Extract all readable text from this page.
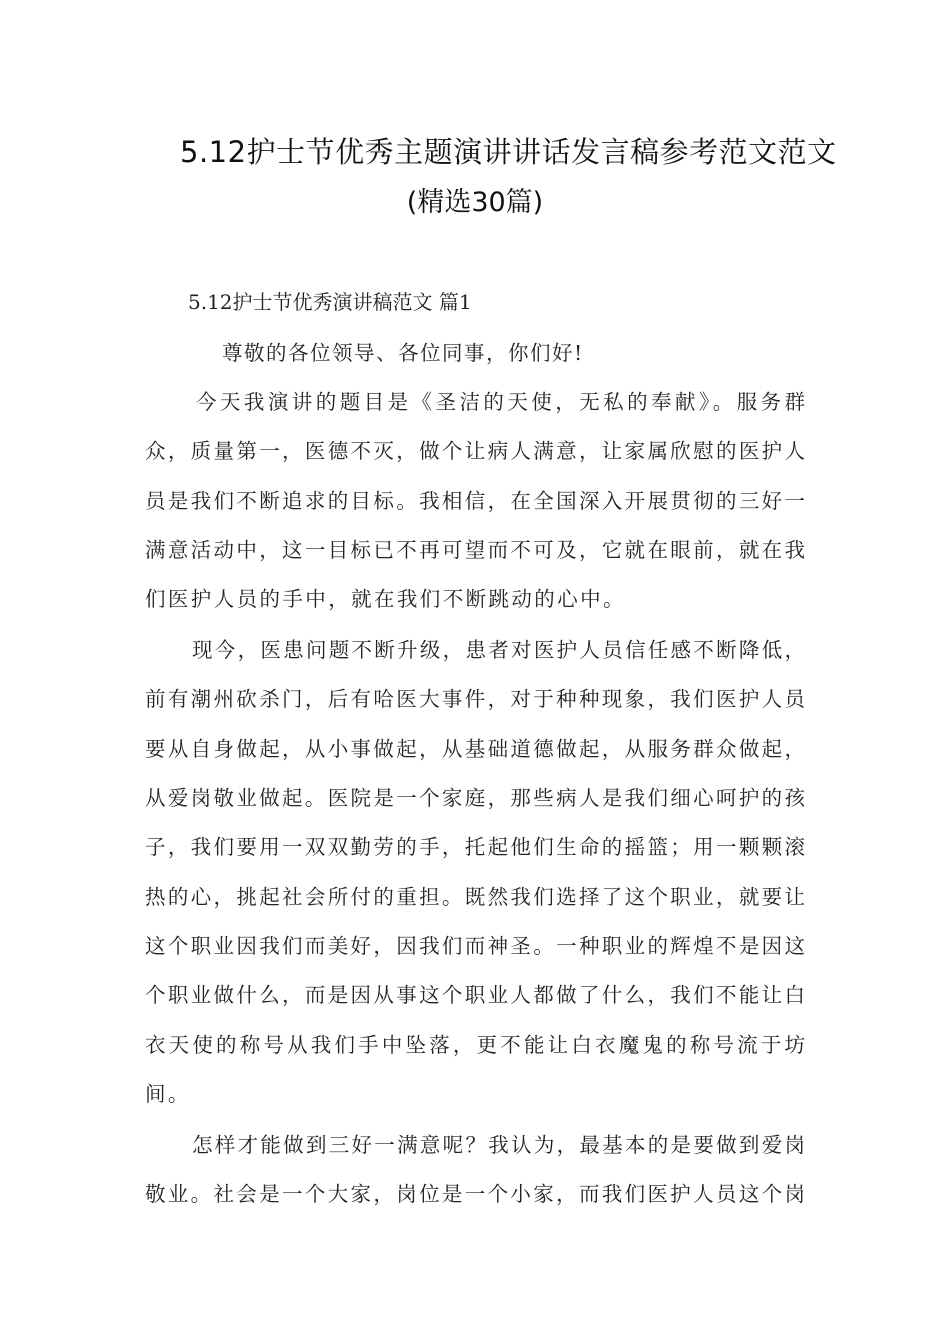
5.12护士节优秀主题演讲讲话发言稿参考范文范文
(精选30篇)
5.12护士节优秀演讲稿范文 篇1
尊敬的各位领导、各位同事，你们好!
今天我演讲的题目是《圣洁的天使，无私的奉献》。服务群
众，质量第一，医德不灭，做个让病人满意，让家属欣慰的医护人
员是我们不断追求的目标。我相信，在全国深入开展贯彻的三好一
满意活动中，这一目标已不再可望而不可及，它就在眼前，就在我
们医护人员的手中，就在我们不断跳动的心中。
现今，医患问题不断升级，患者对医护人员信任感不断降低，
前有潮州砍杀门，后有哈医大事件，对于种种现象，我们医护人员
要从自身做起，从小事做起，从基础道德做起，从服务群众做起，
从爱岗敬业做起。医院是一个家庭，那些病人是我们细心呵护的孩
子，我们要用一双双勤劳的手，托起他们生命的摇篮；用一颗颗滚
热的心，挑起社会所付的重担。既然我们选择了这个职业，就要让
这个职业因我们而美好，因我们而神圣。一种职业的辉煌不是因这
个职业做什么，而是因从事这个职业人都做了什么，我们不能让白
衣天使的称号从我们手中坠落，更不能让白衣魔鬼的称号流于坊
间。
怎样才能做到三好一满意呢？我认为，最基本的是要做到爱岗
敬业。社会是一个大家，岗位是一个小家，而我们医护人员这个岗
